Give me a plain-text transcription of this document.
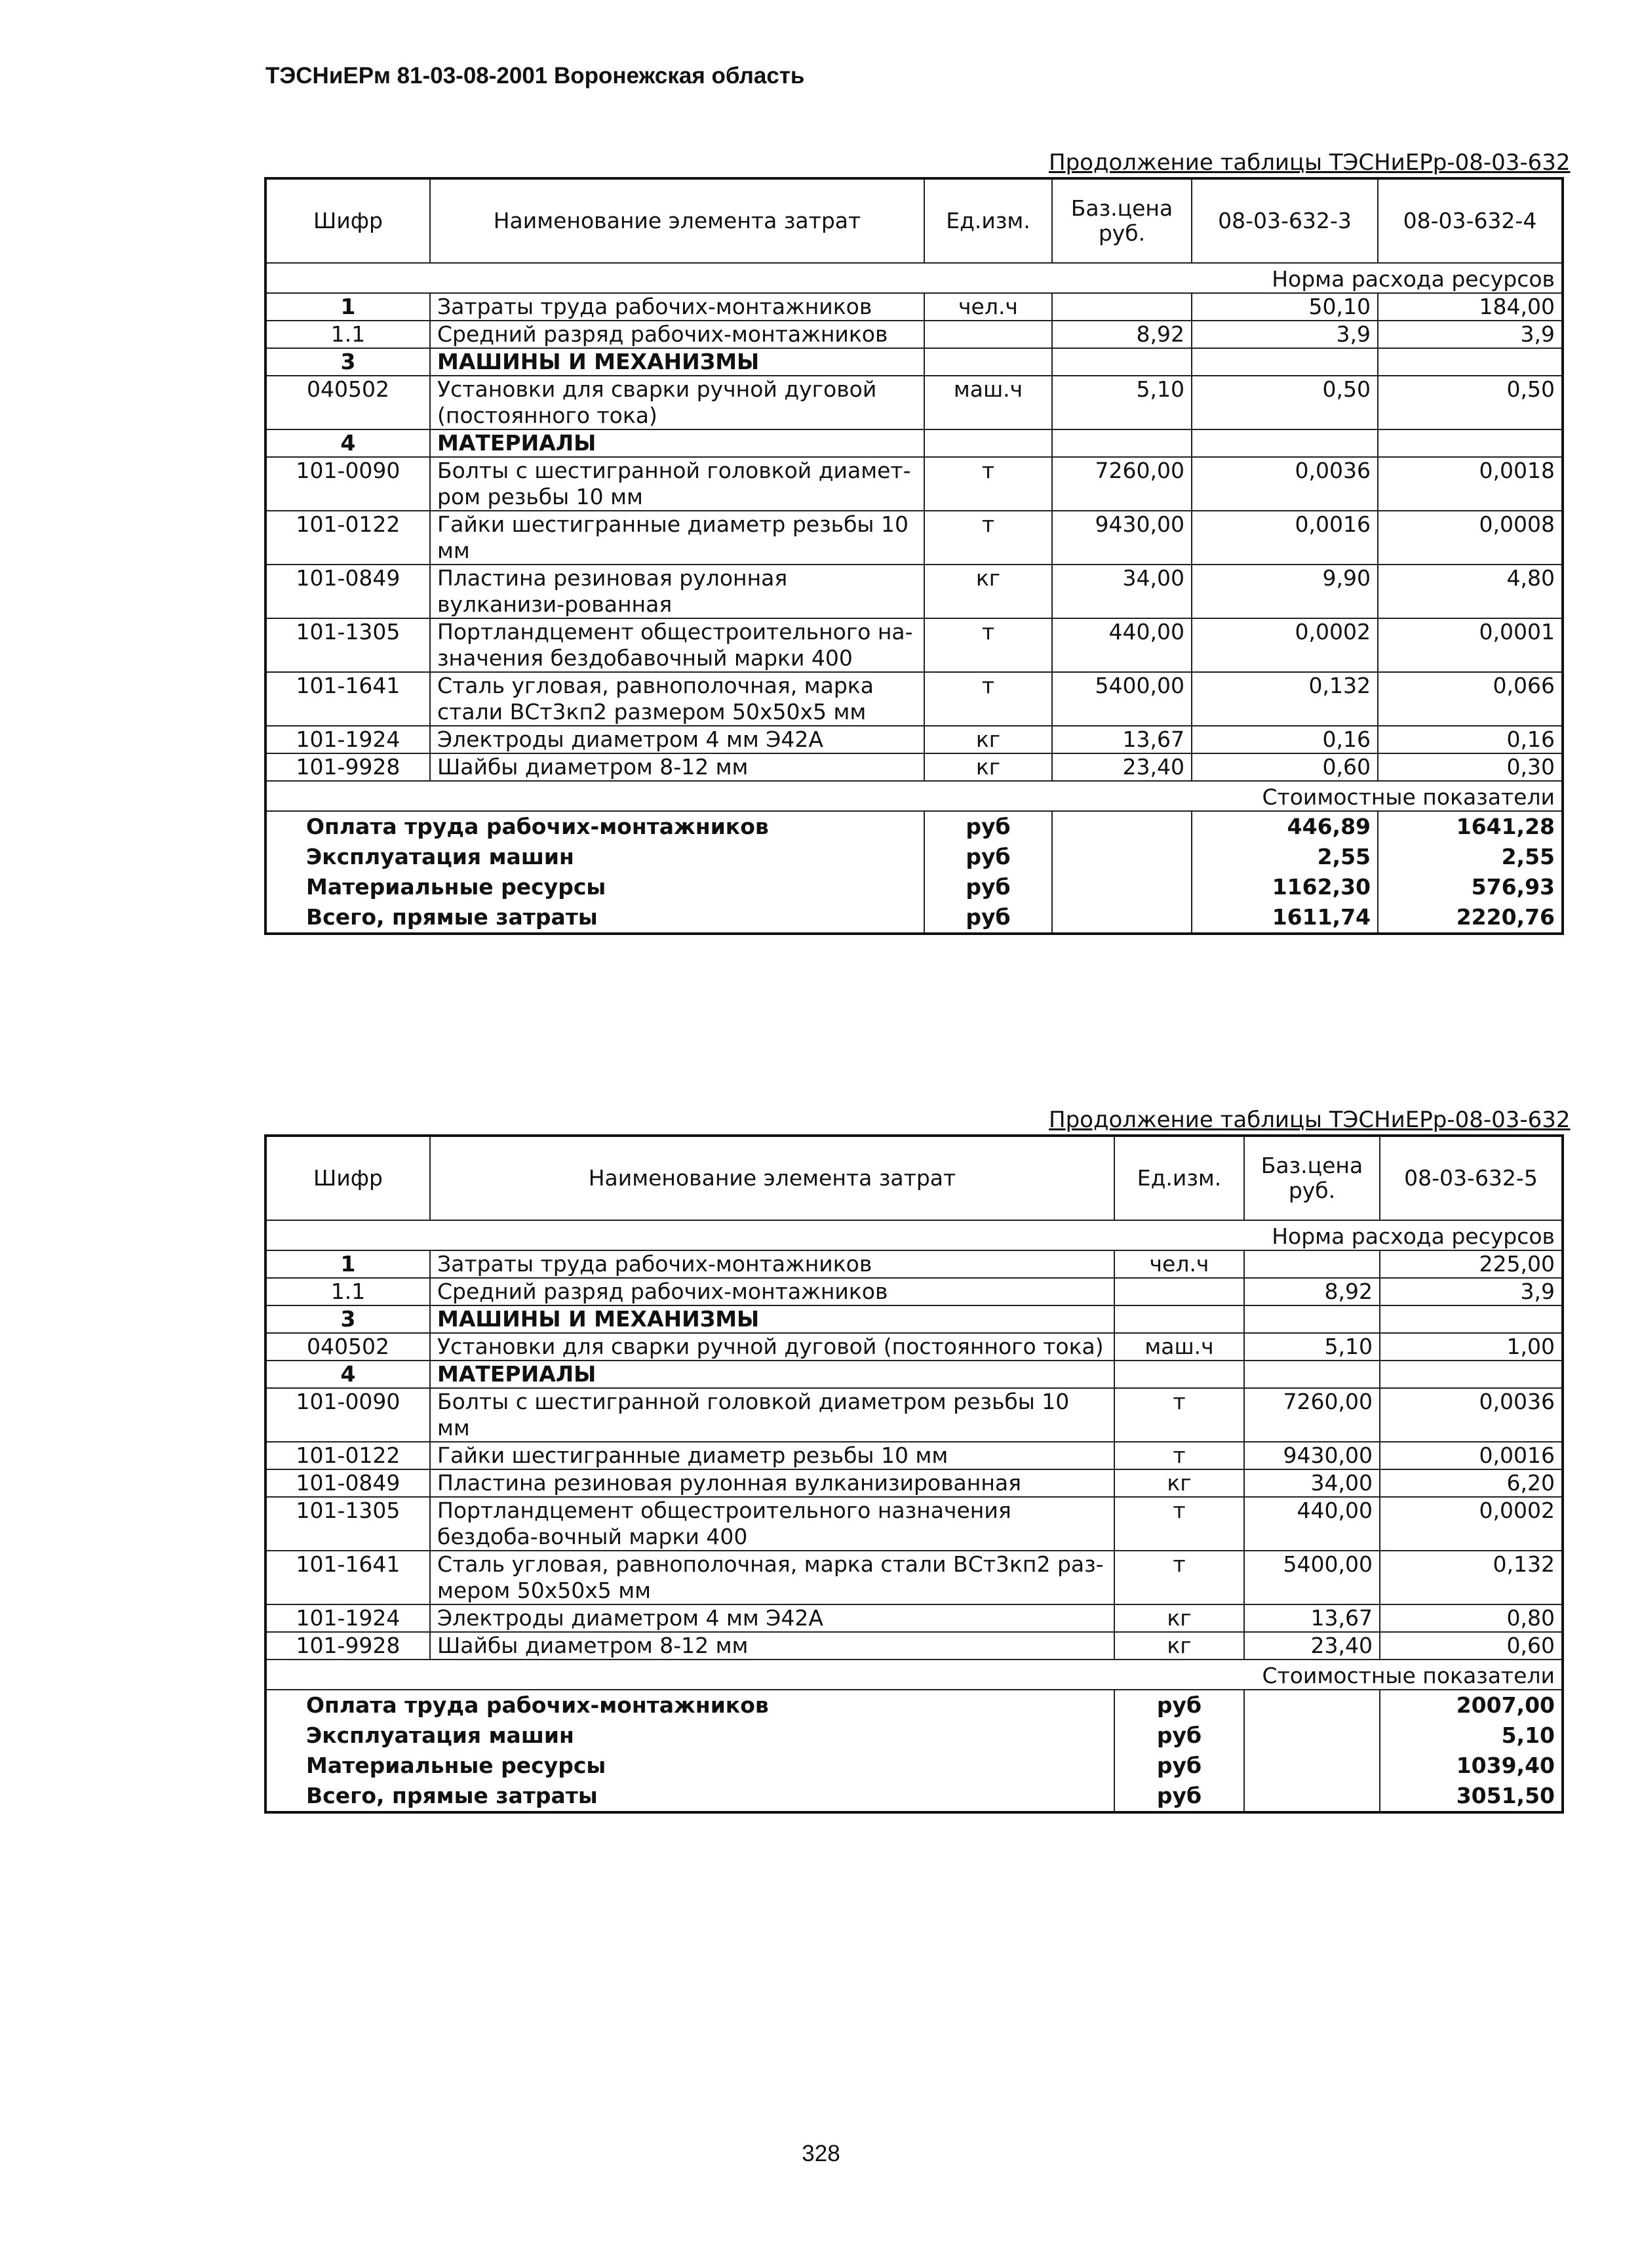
ТЭСНиЕРм 81-03-08-2001 Воронежская область
Продолжение таблицы ТЭСНиЕРр-08-03-632
Шифр	Наименование элемента затрат	Ед.изм.	Баз.цена руб.	08-03-632-3	08-03-632-4
Норма расхода ресурсов					
1	Затраты труда рабочих-монтажников	чел.ч		50,10	184,00
1.1	Средний разряд рабочих-монтажников		8,92	3,9	3,9
3	МАШИНЫ И МЕХАНИЗМЫ				
040502	Установки для сварки ручной дуговой (постоянного тока)	маш.ч	5,10	0,50	0,50
4	МАТЕРИАЛЫ				
101-0090	Болты с шестигранной головкой диамет-ром резьбы 10 мм	т	7260,00	0,0036	0,0018
101-0122	Гайки шестигранные диаметр резьбы 10 мм	т	9430,00	0,0016	0,0008
101-0849	Пластина резиновая рулонная вулканизи-рованная	кг	34,00	9,90	4,80
101-1305	Портландцемент общестроительного на-значения бездобавочный марки 400	т	440,00	0,0002	0,0001
101-1641	Сталь угловая, равнополочная, марка стали ВСт3кп2 размером 50х50х5 мм	т	5400,00	0,132	0,066
101-1924	Электроды диаметром 4 мм Э42А	кг	13,67	0,16	0,16
101-9928	Шайбы диаметром 8-12 мм	кг	23,40	0,60	0,30
Стоимостные показатели					
Оплата труда рабочих-монтажников		руб		446,89	1641,28
Эксплуатация машин		руб		2,55	2,55
Материальные ресурсы		руб		1162,30	576,93
Всего, прямые затраты		руб		1611,74	2220,76
Продолжение таблицы ТЭСНиЕРр-08-03-632
Шифр	Наименование элемента затрат	Ед.изм.	Баз.цена руб.	08-03-632-5
Норма расхода ресурсов				
1	Затраты труда рабочих-монтажников	чел.ч		225,00
1.1	Средний разряд рабочих-монтажников		8,92	3,9
3	МАШИНЫ И МЕХАНИЗМЫ			
040502	Установки для сварки ручной дуговой (постоянного тока)	маш.ч	5,10	1,00
4	МАТЕРИАЛЫ			
101-0090	Болты с шестигранной головкой диаметром резьбы 10 мм	т	7260,00	0,0036
101-0122	Гайки шестигранные диаметр резьбы 10 мм	т	9430,00	0,0016
101-0849	Пластина резиновая рулонная вулканизированная	кг	34,00	6,20
101-1305	Портландцемент общестроительного назначения бездоба-вочный марки 400	т	440,00	0,0002
101-1641	Сталь угловая, равнополочная, марка стали ВСт3кп2 раз-мером 50х50х5 мм	т	5400,00	0,132
101-1924	Электроды диаметром 4 мм Э42А	кг	13,67	0,80
101-9928	Шайбы диаметром 8-12 мм	кг	23,40	0,60
Стоимостные показатели				
Оплата труда рабочих-монтажников		руб		2007,00
Эксплуатация машин		руб		5,10
Материальные ресурсы		руб		1039,40
Всего, прямые затраты		руб		3051,50
328
